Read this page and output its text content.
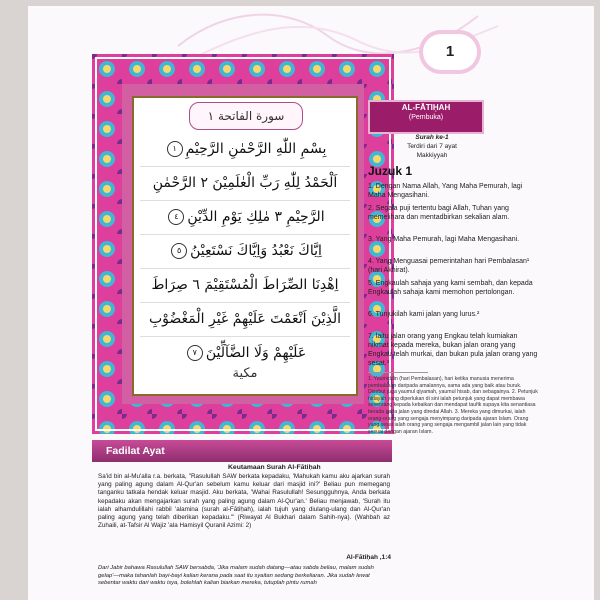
1
سورة الفاتحة ١
بِسْمِ اللّٰهِ الرَّحْمٰنِ الرَّحِيْمِ١
اَلْحَمْدُ لِلّٰهِ رَبِّ الْعٰلَمِيْنَ ٢ الرَّحْمٰنِ
الرَّحِيْمِ ٣ مٰلِكِ يَوْمِ الدِّيْنِ٤
اِيَّاكَ نَعْبُدُ وَاِيَّاكَ نَسْتَعِيْنُ٥
اِهْدِنَا الصِّرَاطَ الْمُسْتَقِيْمَ ٦ صِرَاطَ
الَّذِيْنَ اَنْعَمْتَ عَلَيْهِمْ غَيْرِ الْمَغْضُوْبِ
عَلَيْهِمْ وَلَا الضَّآلِّيْنَ٧
مكية
AL-FĀTIḤAH
(Pembuka)
Surah ke-1
Terdiri dari 7 ayat
Makkiyyah
Juzuk 1
1. Dengan Nama Allah, Yang Maha Pemurah, lagi Maha Mengasihani.
2. Segala puji tertentu bagi Allah, Tuhan yang memelihara dan mentadbirkan sekalian alam.
3. Yang Maha Pemurah, lagi Maha Mengasihani.
4. Yang Menguasai pemerintahan hari Pembalasan¹ (hari Akhirat).
5. Engkaulah sahaja yang kami sembah, dan kepada Engkaulah sahaja kami memohon pertolongan.
6. Tunjukilah kami jalan yang lurus.²
7. laitu jalan orang yang Engkau telah kurniakan nikmat kepada mereka, bukan jalan orang yang Engkau telah murkai, dan bukan pula jalan orang yang sesat.³
1. Yaumiddin (hari Pembalasan), hari ketika manusia menerima pembalasan daripada amalannya, sama ada yang baik atau buruk. Disebut juga yaumul qiyamah, yaumul hisab, dan sebagainya. 2. Petunjuk hidayah yang diperlukan di sini ialah petunjuk yang dapat membawa seseorang kepada kebaikan dan mendapat taufik supaya kita senantiasa berada pada jalan yang diredai Allah. 3. Mereka yang dimurkai, ialah orang-orang yang sengaja menyimpang daripada ajaran Islam. Orang yang sesat ialah orang yang sengaja mengambil jalan lain yang tidak sesuai dengan ajaran Islam.
Fadilat Ayat
Keutamaan Surah Al-Fātiḥah
Sa'id bin al-Mu'alla r.a. berkata, "Rasulullah SAW berkata kepadaku, 'Mahukah kamu aku ajarkan surah yang paling agung dalam Al-Qur'an sebelum kamu keluar dari masjid ini?' Beliau pun memegang tanganku tatkala hendak keluar masjid. Aku berkata, 'Wahai Rasulullah! Sesungguhnya, Anda berkata kepadaku akan mengajarkan surah yang paling agung dalam Al-Qur'an.' Beliau menjawab, 'Surah itu ialah alhamdulillahi rabbil 'alamina (surah al-Fātiḥah), ialah tujuh yang diulang-ulang dan Al-Qur'an paling agung yang telah diberikan kepadaku.'" (Riwayat Al Bukhari dalam Sahih-nya). (Wahbah az Zuhaili, at-Tafsir Al Wajiz 'ala Hamisyil Quranil Azimi: 2)
Al-Fātiḥah ,1:4
Dari Jabir bahawa Rasulullah SAW bersabda, 'Jika malam sudah datang—atau sabda beliau, malam sudah gelap'—maka tahanlah bayi-bayi kalian kerana pada saat itu syaitan sedang berkeliaran. Jika sudah lewat sebentar waktu dari waktu isya, bolehlah kalian biarkan mereka, tutuplah pintu rumah
